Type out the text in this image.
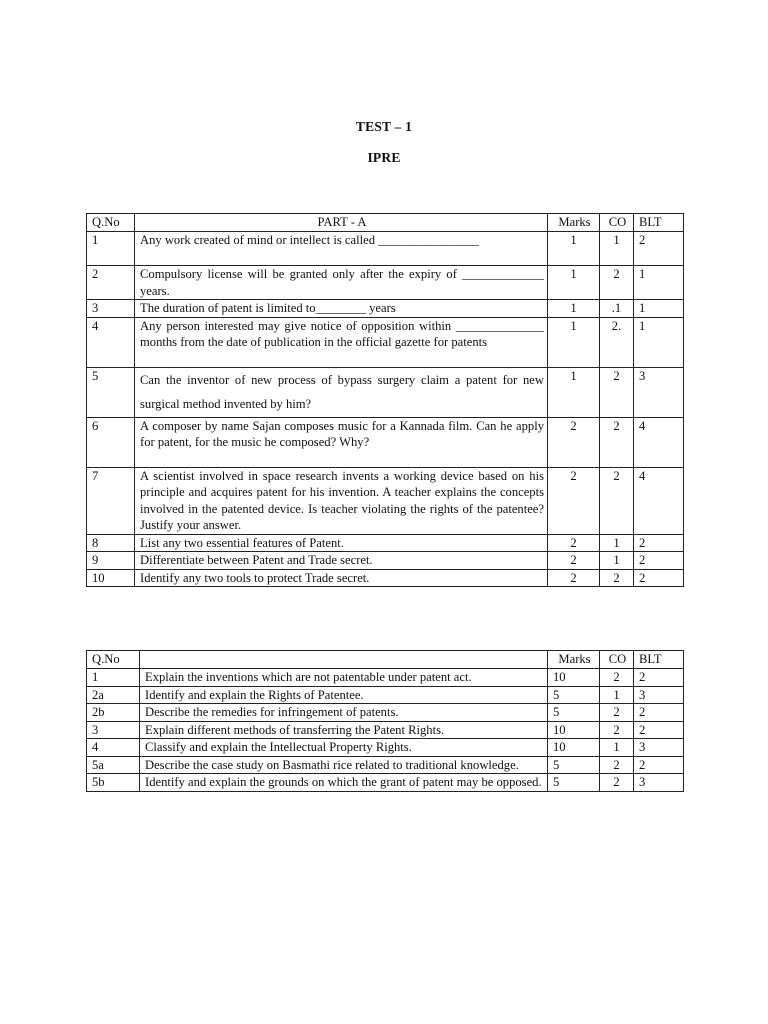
TEST – 1
IPRE
Q.No	PART - A	Marks	CO	BLT
1	Any work created of mind or intellect is called ________________	1	1	2
2	Compulsory license will be granted only after the expiry of _____________ years.	1	2	1
3	The duration of patent is limited to________ years	1	.1	1
4	Any person interested may give notice of opposition within ______________ months from the date of publication in the official gazette for patents	1	2.	1
5	Can the inventor of new process of bypass surgery claim a patent for new surgical method invented by him?	1	2	3
6	A composer by name Sajan composes music for a Kannada film. Can he apply for patent, for the music he composed? Why?	2	2	4
7	A scientist involved in space research invents a working device based on his principle and acquires patent for his invention. A teacher explains the concepts involved in the patented device. Is teacher violating the rights of the patentee? Justify your answer.	2	2	4
8	List any two essential features of Patent.	2	1	2
9	Differentiate between Patent and Trade secret.	2	1	2
10	Identify any two tools to protect Trade secret.	2	2	2
Q.No		Marks	CO	BLT
1	Explain the inventions which are not patentable under patent act.	10	2	2
2a	Identify and explain the Rights of Patentee.	5	1	3
2b	Describe the remedies for infringement of patents.	5	2	2
3	Explain different methods of transferring the Patent Rights.	10	2	2
4	Classify and explain the Intellectual Property Rights.	10	1	3
5a	Describe the case study on Basmathi rice related to traditional knowledge.	5	2	2
5b	Identify and explain the grounds on which the grant of patent may be opposed.	5	2	3
